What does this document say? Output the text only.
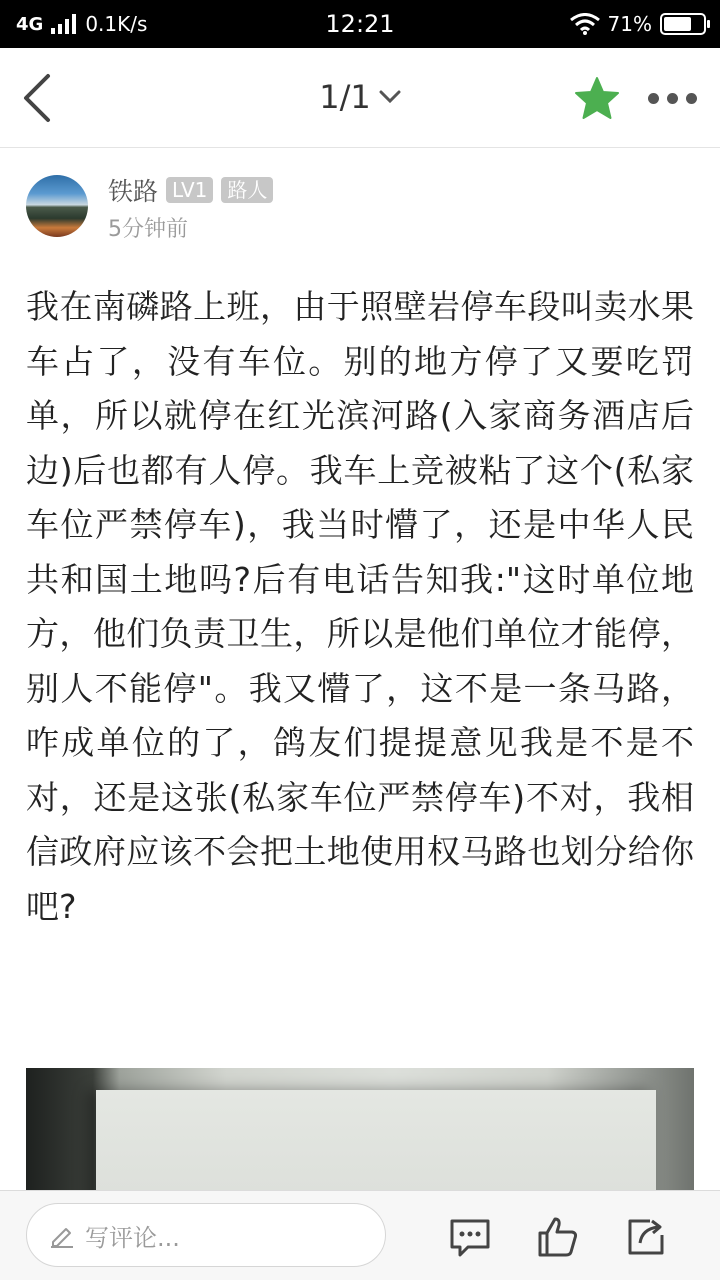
4G 0.1K/s	12:21	71%
1/1
铁路 LV1	路人
5分钟前

我在南磷路上班，由于照壁岩停车段叫卖水果车占了，没有车位。别的地方停了又要吃罚单，所以就停在红光滨河路(入家商务酒店后边)后也都有人停。我车上竞被粘了这个(私家车位严禁停车)，我当时懵了，还是中华人民共和国土地吗?后有电话告知我:"这时单位地方，他们负责卫生，所以是他们单位才能停，别人不能停"。我又懵了，这不是一条马路，咋成单位的了，鸽友们提提意见我是不是不对，还是这张(私家车位严禁停车)不对，我相信政府应该不会把土地使用权马路也划分给你吧?

写评论...
